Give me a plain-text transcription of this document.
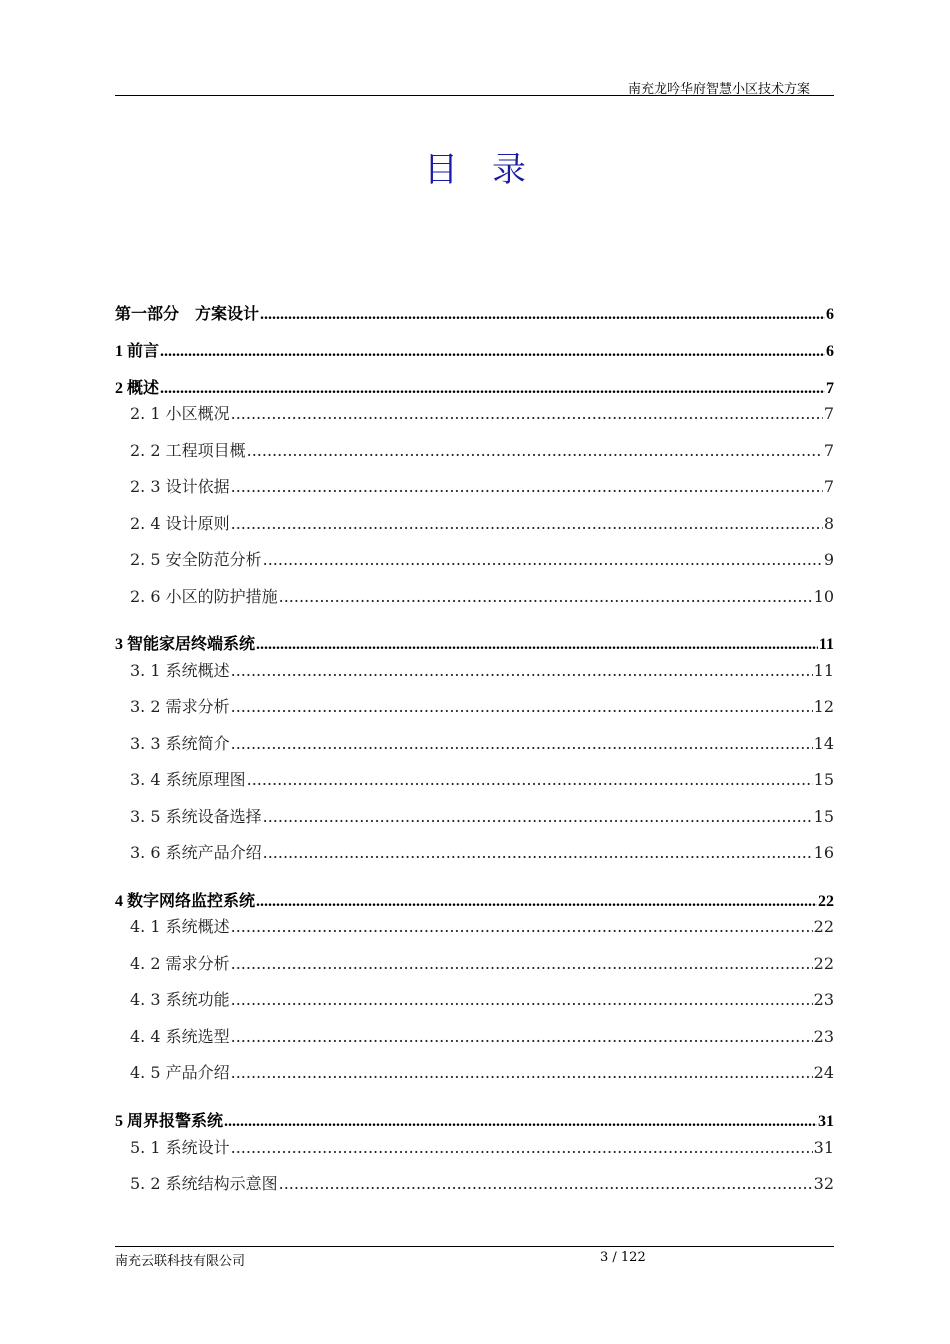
南充龙吟华府智慧小区技术方案
目录
第一部分　方案设计 .....	6
1 前言 .....	6
2 概述 .....	7
2. 1 小区概况 .....	7
2. 2 工程项目概 .....	7
2. 3 设计依据 .....	7
2. 4 设计原则 .....	8
2. 5 安全防范分析 .....	9
2. 6 小区的防护措施 .....	10
3 智能家居终端系统 .....	11
3. 1 系统概述 .....	11
3. 2 需求分析 .....	12
3. 3 系统简介 .....	14
3. 4 系统原理图 .....	15
3. 5 系统设备选择 .....	15
3. 6 系统产品介绍 .....	16
4 数字网络监控系统 .....	22
4. 1 系统概述 .....	22
4. 2 需求分析 .....	22
4. 3 系统功能 .....	23
4. 4 系统选型 .....	23
4. 5 产品介绍 .....	24
5 周界报警系统 .....	31
5. 1 系统设计 .....	31
5. 2 系统结构示意图 .....	32
南充云联科技有限公司	3 / 122
